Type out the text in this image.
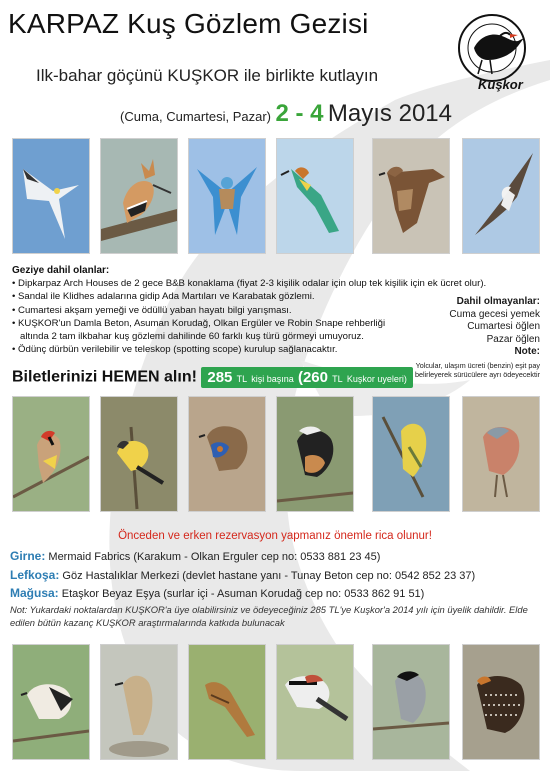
KARPAZ Kuş Gözlem Gezisi
Ilk-bahar göçünü KUŞKOR ile birlikte kutlayın
(Cuma, Cumartesi, Pazar) 2 - 4 Mayıs 2014
Kuşkor
Geziye dahil olanlar:
• Dipkarpaz Arch Houses de 2 gece B&B konaklama (fiyat 2-3 kişilik odalar için olup tek kişilik için ek ücret olur).
• Sandal ile Klidhes adalarına gidip Ada Martıları ve Karabatak gözlemi.
• Cumartesi akşam yemeği ve ödüllü yaban hayatı bilgi yarışması.
• KUŞKOR'un Damla Beton, Asuman Korudağ, Olkan Ergüler ve Robin Snape rehberliği altında 2 tam ilkbahar kuş gözlemi dahilinde 60 farklı kuş türü görmeyi umuyoruz.
• Ödünç dürbün verilebilir ve teleskop (spotting scope) kurulup sağlanacaktır.
Dahil olmayanlar:
Cuma gecesi yemek
Cumartesi öğlen
Pazar öğlen
Note:
Yolcular, ulaşım ücreti (benzin) eşit pay belirleyerek sürücülere ayrı ödeyecektir
Biletlerinizi HEMEN alın! 285 TL kişi başına (260 TL Kuşkor uyeleri)
Önceden ve erken rezervasyon yapmanız önemle rica olunur!
Girne: Mermaid Fabrics (Karakum - Olkan Erguler cep no: 0533 881 23 45)
Lefkoşa: Göz Hastalıklar Merkezi (devlet hastane yanı - Tunay Beton cep no: 0542 852 23 37)
Mağusa: Etaşkor Beyaz Eşya (surlar içi - Asuman Korudağ cep no: 0533 862 91 51)
Not: Yukardaki noktalardan KUŞKOR'a üye olabilirsiniz ve ödeyeceğiniz 285 TL'ye Kuşkor'a 2014 yılı için üyelik dahildir. Elde edilen bütün kazanç KUŞKOR araştırmalarında katkıda bulunacak
